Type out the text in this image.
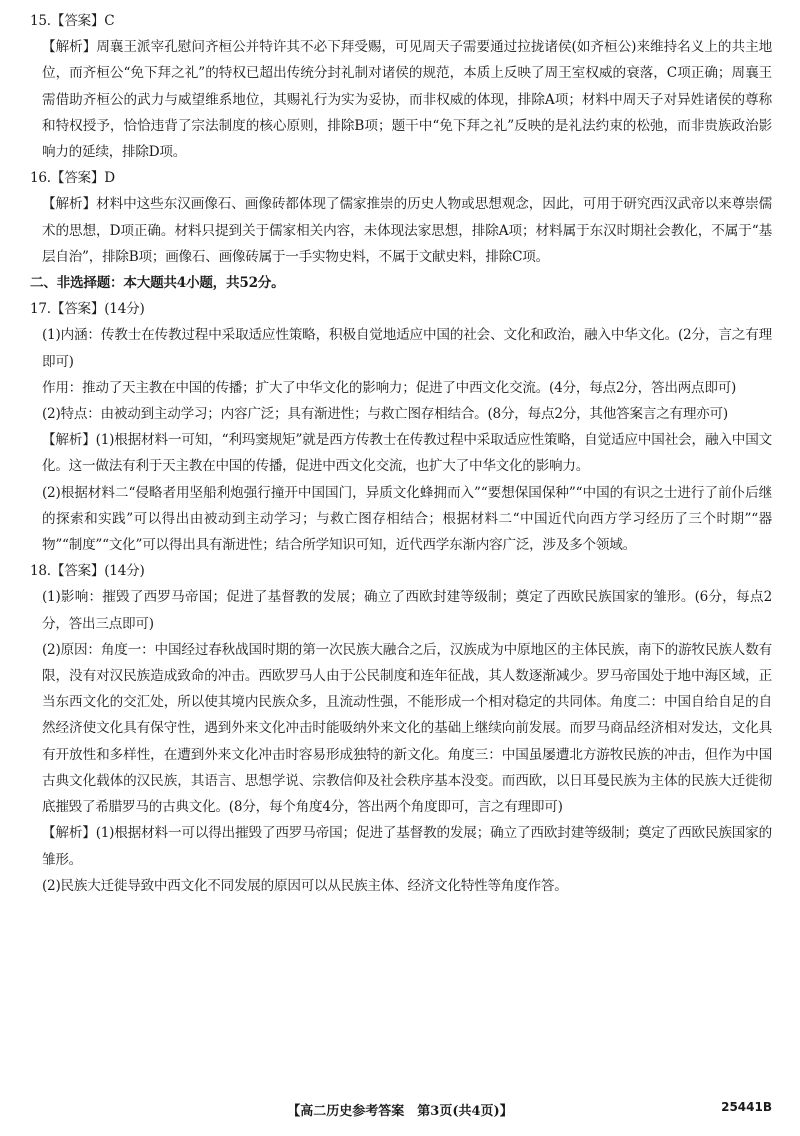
15.【答案】C

【解析】周襄王派宰孔慰问齐桓公并特许其不必下拜受赐，可见周天子需要通过拉拢诸侯(如齐桓公)来维持名义上的共主地位，而齐桓公“免下拜之礼”的特权已超出传统分封礼制对诸侯的规范，本质上反映了周王室权威的衰落，C项正确；周襄王需借助齐桓公的武力与威望维系地位，其赐礼行为实为妥协，而非权威的体现，排除A项；材料中周天子对异姓诸侯的尊称和特权授予，恰恰违背了宗法制度的核心原则，排除B项；题干中“免下拜之礼”反映的是礼法约束的松弛，而非贵族政治影响力的延续，排除D项。

16.【答案】D

【解析】材料中这些东汉画像石、画像砖都体现了儒家推崇的历史人物或思想观念，因此，可用于研究西汉武帝以来尊崇儒术的思想，D项正确。材料只提到关于儒家相关内容，未体现法家思想，排除A项；材料属于东汉时期社会教化，不属于“基层自治”，排除B项；画像石、画像砖属于一手实物史料，不属于文献史料，排除C项。

二、非选择题：本大题共4小题，共52分。

17.【答案】(14分)

(1)内涵：传教士在传教过程中采取适应性策略，积极自觉地适应中国的社会、文化和政治，融入中华文化。(2分，言之有理即可)

作用：推动了天主教在中国的传播；扩大了中华文化的影响力；促进了中西文化交流。(4分，每点2分，答出两点即可)

(2)特点：由被动到主动学习；内容广泛；具有渐进性；与救亡图存相结合。(8分，每点2分，其他答案言之有理亦可)

【解析】(1)根据材料一可知，“利玛窦规矩”就是西方传教士在传教过程中采取适应性策略，自觉适应中国社会，融入中国文化。这一做法有利于天主教在中国的传播，促进中西文化交流，也扩大了中华文化的影响力。

(2)根据材料二“侵略者用坚船利炮强行撞开中国国门，异质文化蜂拥而入”“要想保国保种”“中国的有识之士进行了前仆后继的探索和实践”可以得出由被动到主动学习；与救亡图存相结合；根据材料二“中国近代向西方学习经历了三个时期”“器物”“制度”“文化”可以得出具有渐进性；结合所学知识可知，近代西学东渐内容广泛，涉及多个领域。

18.【答案】(14分)

(1)影响：摧毁了西罗马帝国；促进了基督教的发展；确立了西欧封建等级制；奠定了西欧民族国家的雏形。(6分，每点2分，答出三点即可)

(2)原因：角度一：中国经过春秋战国时期的第一次民族大融合之后，汉族成为中原地区的主体民族，南下的游牧民族人数有限，没有对汉民族造成致命的冲击。西欧罗马人由于公民制度和连年征战，其人数逐渐减少。罗马帝国处于地中海区域，正当东西文化的交汇处，所以使其境内民族众多，且流动性强，不能形成一个相对稳定的共同体。角度二：中国自给自足的自然经济使文化具有保守性，遇到外来文化冲击时能吸纳外来文化的基础上继续向前发展。而罗马商品经济相对发达，文化具有开放性和多样性，在遭到外来文化冲击时容易形成独特的新文化。角度三：中国虽屡遭北方游牧民族的冲击，但作为中国古典文化载体的汉民族，其语言、思想学说、宗教信仰及社会秩序基本没变。而西欧，以日耳曼民族为主体的民族大迁徙彻底摧毁了希腊罗马的古典文化。(8分，每个角度4分，答出两个角度即可，言之有理即可)

【解析】(1)根据材料一可以得出摧毁了西罗马帝国；促进了基督教的发展；确立了西欧封建等级制；奠定了西欧民族国家的雏形。

(2)民族大迁徙导致中西文化不同发展的原因可以从民族主体、经济文化特性等角度作答。

【高二历史参考答案　第3页(共4页)】	25441B
